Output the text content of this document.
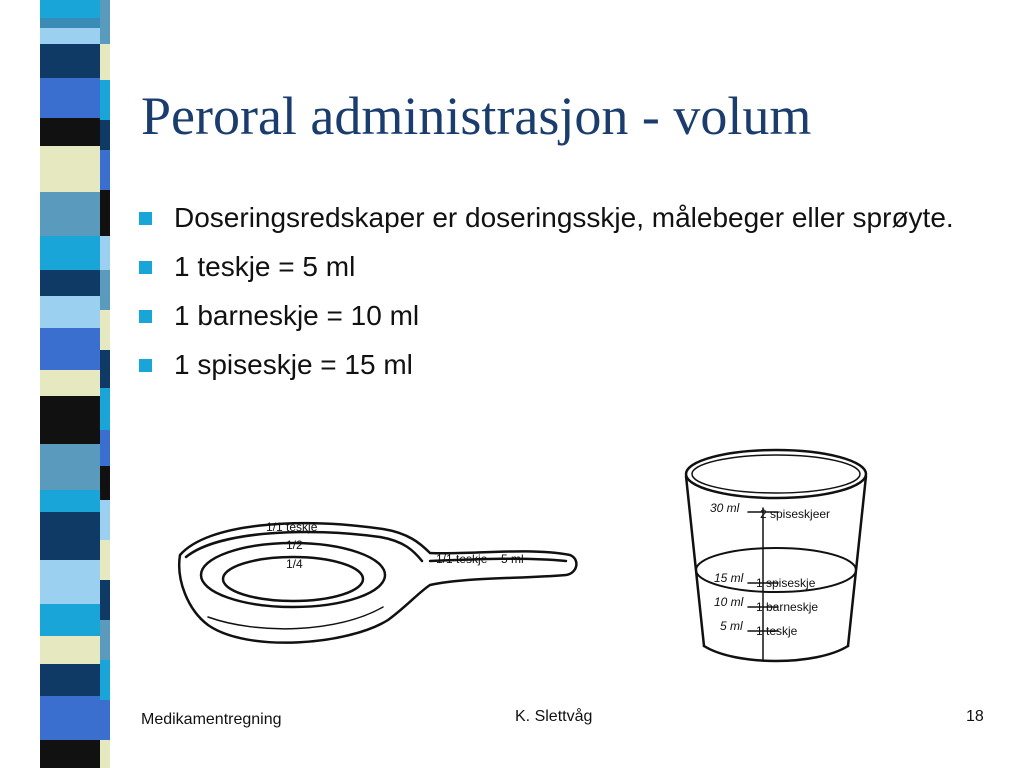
Peroral administrasjon - volum
Doseringsredskaper er doseringsskje, målebeger eller sprøyte.
1 teskje = 5 ml
1 barneskje = 10 ml
1 spiseskje = 15 ml
1/1 teskje
1/2
1/4	1/1 teskje ~ 5 ml
30 ml 2 spiseskjeer
15 ml 1 spiseskje
10 ml 1 barneskje
5 ml 1 teskje
Medikamentregning	K. Slettvåg	18
